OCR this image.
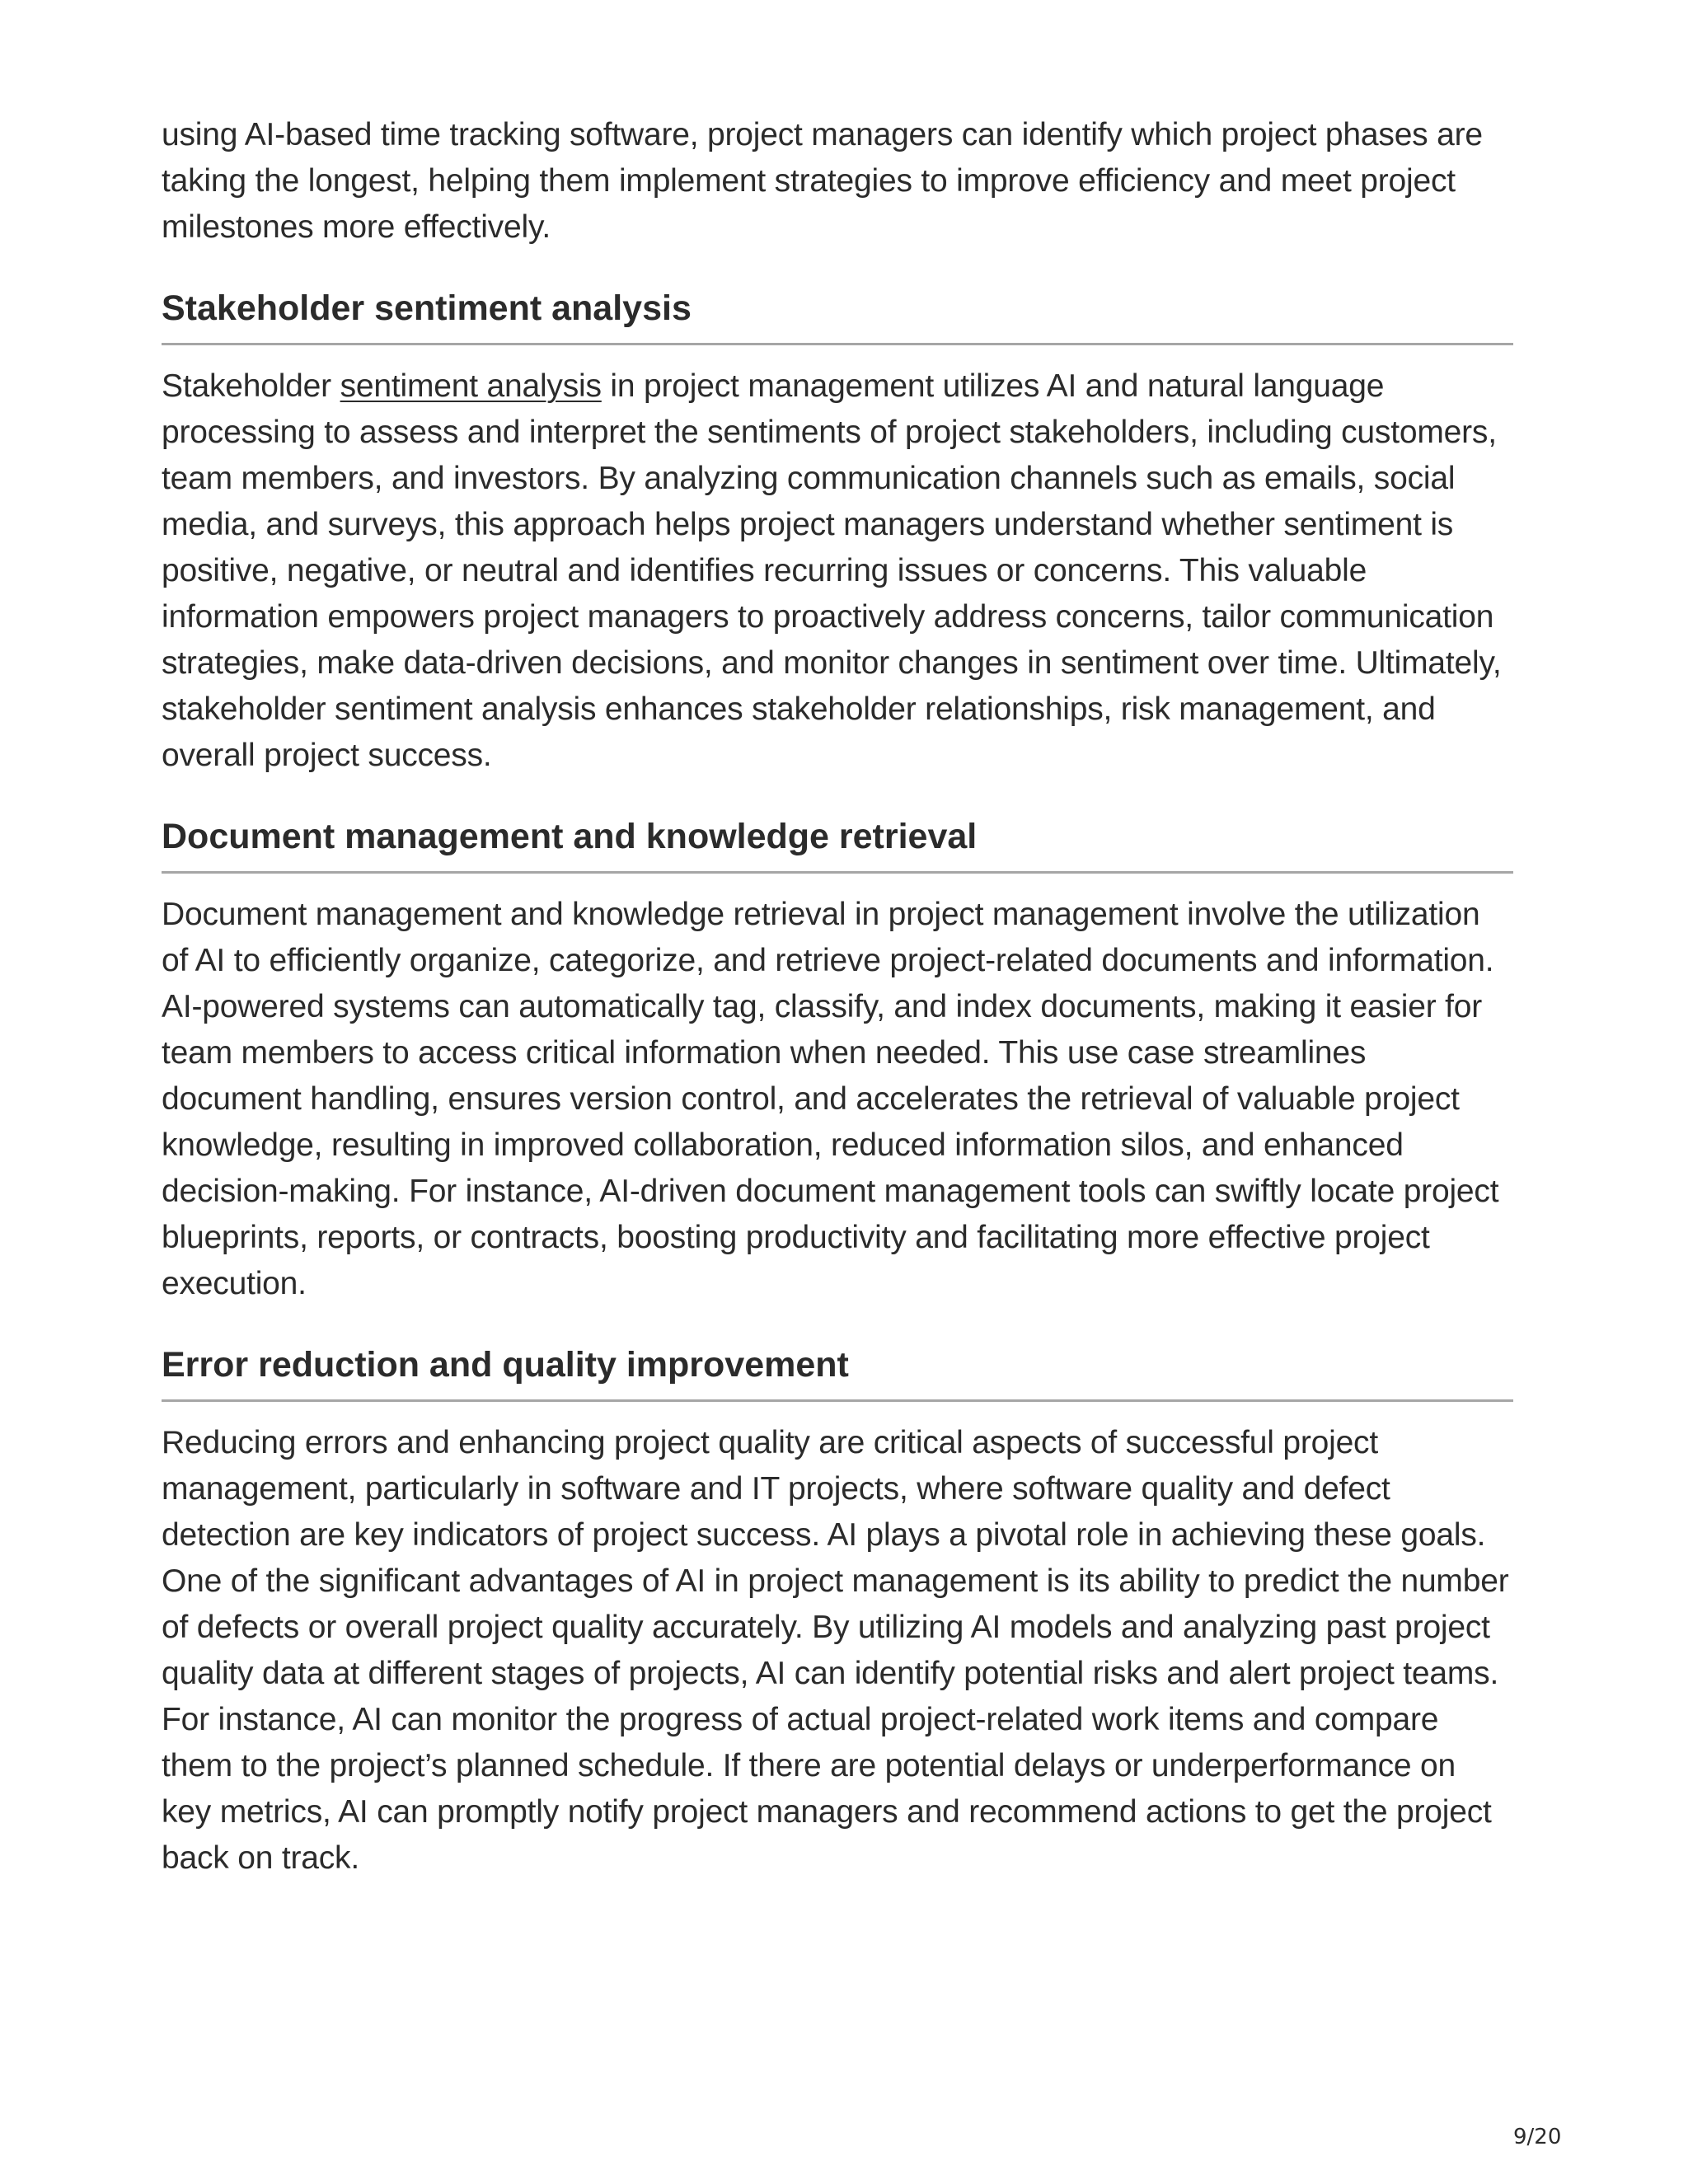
using AI-based time tracking software, project managers can identify which project phases are taking the longest, helping them implement strategies to improve efficiency and meet project milestones more effectively.

Stakeholder sentiment analysis

Stakeholder sentiment analysis in project management utilizes AI and natural language processing to assess and interpret the sentiments of project stakeholders, including customers, team members, and investors. By analyzing communication channels such as emails, social media, and surveys, this approach helps project managers understand whether sentiment is positive, negative, or neutral and identifies recurring issues or concerns. This valuable information empowers project managers to proactively address concerns, tailor communication strategies, make data-driven decisions, and monitor changes in sentiment over time. Ultimately, stakeholder sentiment analysis enhances stakeholder relationships, risk management, and overall project success.

Document management and knowledge retrieval

Document management and knowledge retrieval in project management involve the utilization of AI to efficiently organize, categorize, and retrieve project-related documents and information. AI-powered systems can automatically tag, classify, and index documents, making it easier for team members to access critical information when needed. This use case streamlines document handling, ensures version control, and accelerates the retrieval of valuable project knowledge, resulting in improved collaboration, reduced information silos, and enhanced decision-making. For instance, AI-driven document management tools can swiftly locate project blueprints, reports, or contracts, boosting productivity and facilitating more effective project execution.

Error reduction and quality improvement

Reducing errors and enhancing project quality are critical aspects of successful project management, particularly in software and IT projects, where software quality and defect detection are key indicators of project success. AI plays a pivotal role in achieving these goals. One of the significant advantages of AI in project management is its ability to predict the number of defects or overall project quality accurately. By utilizing AI models and analyzing past project quality data at different stages of projects, AI can identify potential risks and alert project teams. For instance, AI can monitor the progress of actual project-related work items and compare them to the project’s planned schedule. If there are potential delays or underperformance on key metrics, AI can promptly notify project managers and recommend actions to get the project back on track.

9/20
